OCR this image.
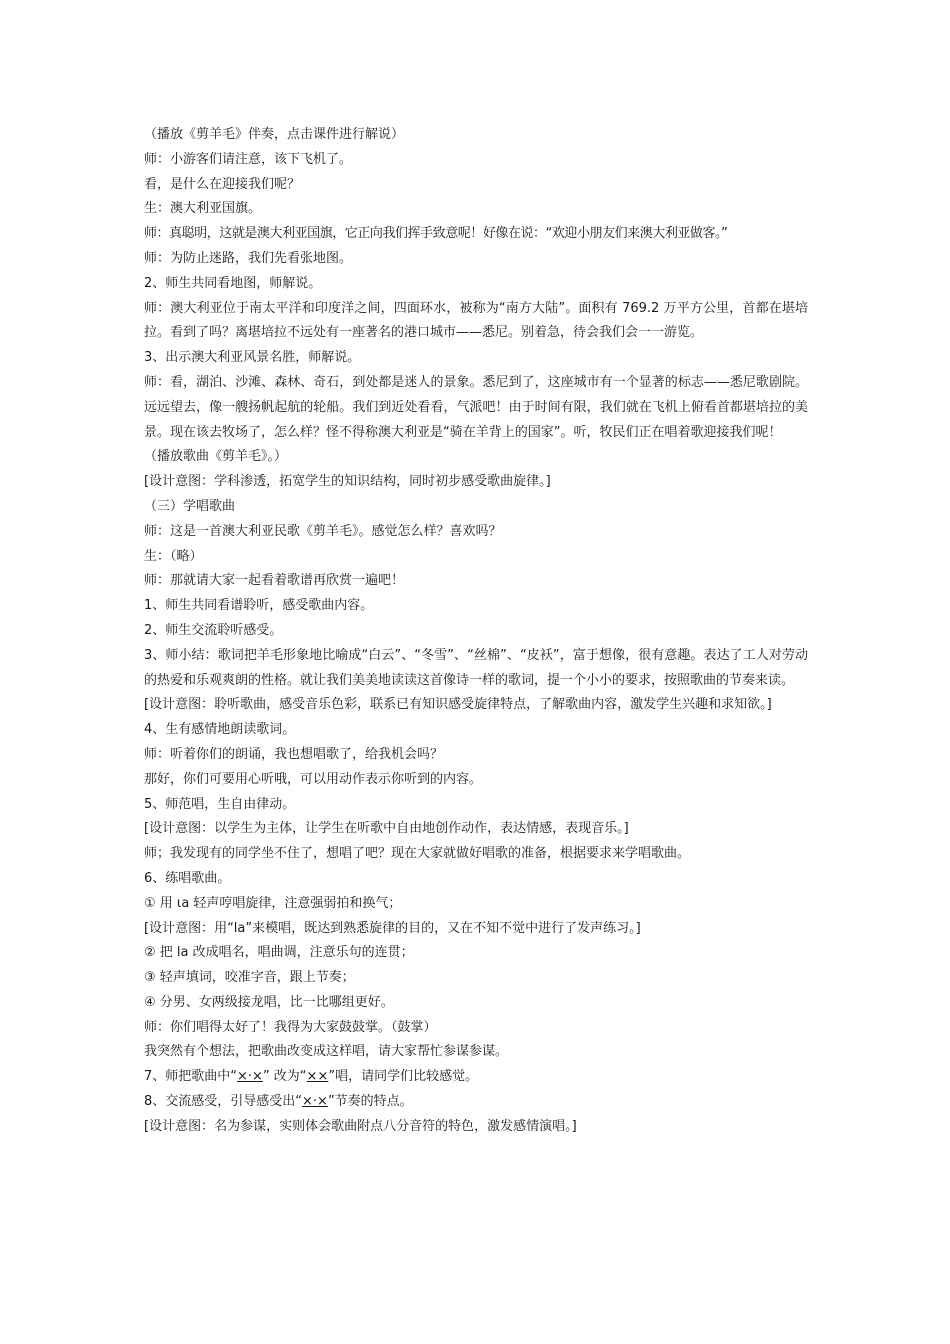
（播放《剪羊毛》伴奏，点击课件进行解说）
师：小游客们请注意，该下飞机了。
看，是什么在迎接我们呢？
生：澳大利亚国旗。
师：真聪明，这就是澳大利亚国旗，它正向我们挥手致意呢！好像在说：“欢迎小朋友们来澳大利亚做客。”
师：为防止迷路，我们先看张地图。
2、师生共同看地图，师解说。
师：澳大利亚位于南太平洋和印度洋之间，四面环水，被称为“南方大陆”。面积有 769.2 万平方公里，首都在堪培拉。看到了吗？离堪培拉不远处有一座著名的港口城市——悉尼。别着急，待会我们会一一游览。
3、出示澳大利亚风景名胜，师解说。
师：看，湖泊、沙滩、森林、奇石，到处都是迷人的景象。悉尼到了，这座城市有一个显著的标志——悉尼歌剧院。远远望去，像一艘扬帆起航的轮船。我们到近处看看，气派吧！由于时间有限，我们就在飞机上俯看首都堪培拉的美景。现在该去牧场了，怎么样？怪不得称澳大利亚是“骑在羊背上的国家”。听，牧民们正在唱着歌迎接我们呢！
（播放歌曲《剪羊毛》。）
[设计意图：学科渗透，拓宽学生的知识结构，同时初步感受歌曲旋律。]
（三）学唱歌曲
师：这是一首澳大利亚民歌《剪羊毛》。感觉怎么样？喜欢吗？
生：（略）
师：那就请大家一起看着歌谱再欣赏一遍吧！
1、师生共同看谱聆听，感受歌曲内容。
2、师生交流聆听感受。
3、师小结：歌词把羊毛形象地比喻成“白云”、“冬雪”、“丝棉”、“皮袄”，富于想像，很有意趣。表达了工人对劳动的热爱和乐观爽朗的性格。就让我们美美地读读这首像诗一样的歌词，提一个小小的要求，按照歌曲的节奏来读。
[设计意图：聆听歌曲，感受音乐色彩，联系已有知识感受旋律特点，了解歌曲内容，激发学生兴趣和求知欲。]
4、生有感情地朗读歌词。
师：听着你们的朗诵，我也想唱歌了，给我机会吗？
那好，你们可要用心听哦，可以用动作表示你听到的内容。
5、师范唱，生自由律动。
[设计意图：以学生为主体，让学生在听歌中自由地创作动作，表达情感，表现音乐。]
师；我发现有的同学坐不住了，想唱了吧？现在大家就做好唱歌的准备，根据要求来学唱歌曲。
6、练唱歌曲。
① 用 ιa 轻声哼唱旋律，注意强弱拍和换气；
[设计意图：用“la”来模唱，既达到熟悉旋律的目的，又在不知不觉中进行了发声练习。]
② 把 la 改成唱名，唱曲调，注意乐句的连贯；
③ 轻声填词，咬准字音，跟上节奏；
④ 分男、女两级接龙唱，比一比哪组更好。
师：你们唱得太好了！我得为大家鼓鼓掌。（鼓掌）
我突然有个想法，把歌曲改变成这样唱，请大家帮忙参谋参谋。
7、师把歌曲中“×·×” 改为“××”唱，请同学们比较感觉。
8、交流感受，引导感受出“×·×”节奏的特点。
[设计意图：名为参谋，实则体会歌曲附点八分音符的特色，激发感情演唱。]
